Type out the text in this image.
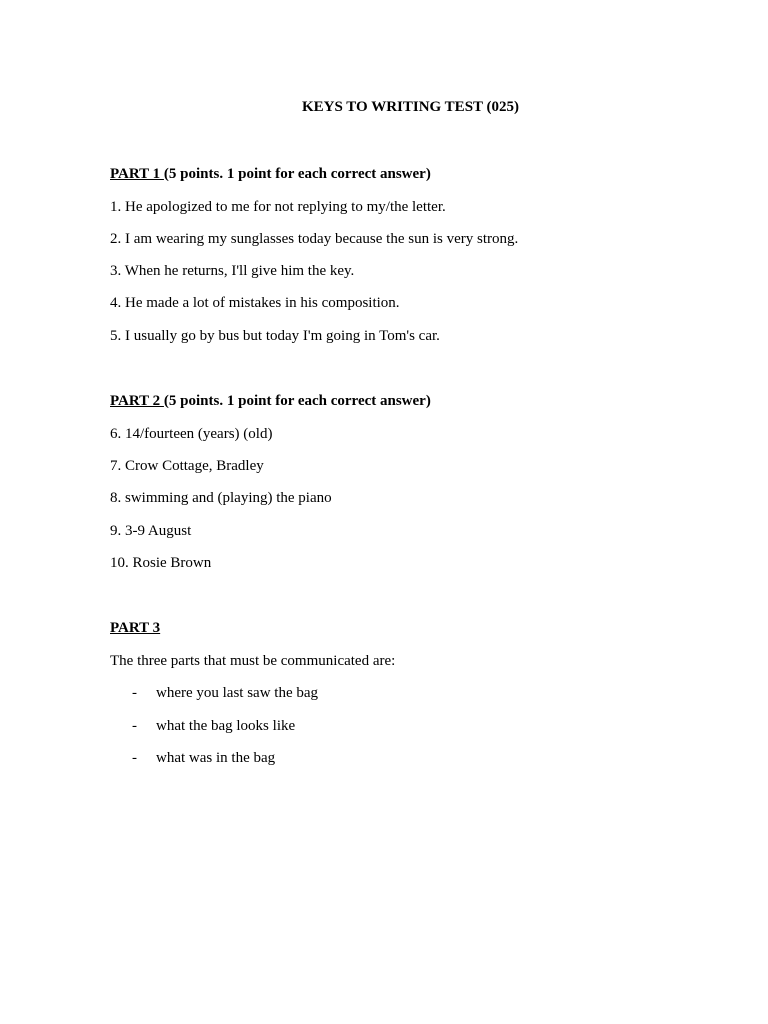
KEYS TO WRITING TEST (025)
PART 1 (5 points. 1 point for each correct answer)
1. He apologized to me for not replying to my/the letter.
2. I am wearing my sunglasses today because the sun is very strong.
3. When he returns, I'll give him the key.
4. He made a lot of mistakes in his composition.
5. I usually go by bus but today I'm going in Tom's car.
PART 2 (5 points. 1 point for each correct answer)
6. 14/fourteen (years) (old)
7. Crow Cottage, Bradley
8. swimming and (playing) the piano
9. 3-9 August
10. Rosie Brown
PART 3
The three parts that must be communicated are:
- where you last saw the bag
- what the bag looks like
- what was in the bag
